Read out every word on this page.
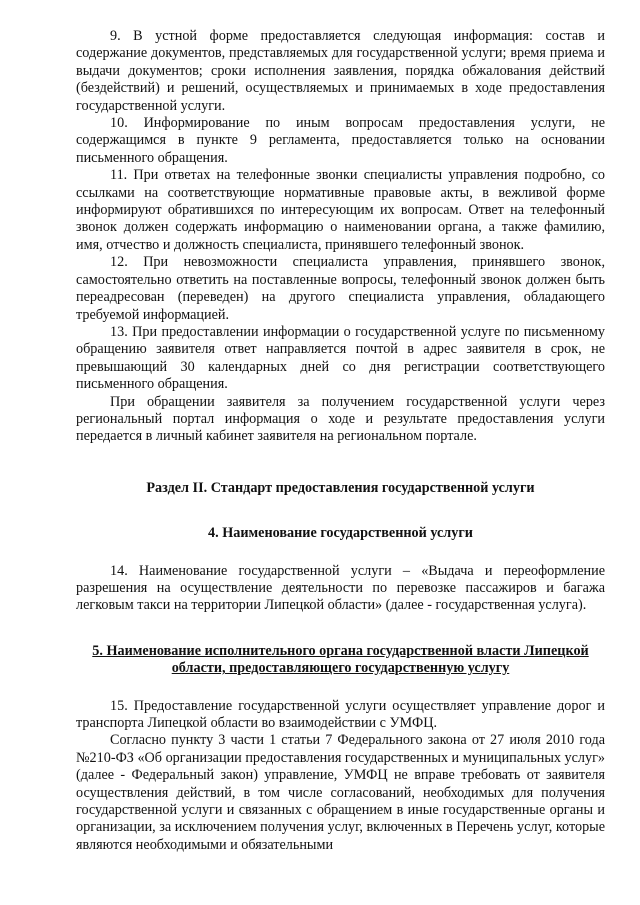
9. В устной форме предоставляется следующая информация: состав и содержание документов, представляемых для государственной услуги; время приема и выдачи документов; сроки исполнения заявления, порядка обжалования действий (бездействий) и решений, осуществляемых и принимаемых в ходе предоставления государственной услуги.

10. Информирование по иным вопросам предоставления услуги, не содержащимся в пункте 9 регламента, предоставляется только на основании письменного обращения.

11. При ответах на телефонные звонки специалисты управления подробно, со ссылками на соответствующие нормативные правовые акты, в вежливой форме информируют обратившихся по интересующим их вопросам. Ответ на телефонный звонок должен содержать информацию о наименовании органа, а также фамилию, имя, отчество и должность специалиста, принявшего телефонный звонок.

12. При невозможности специалиста управления, принявшего звонок, самостоятельно ответить на поставленные вопросы, телефонный звонок должен быть переадресован (переведен) на другого специалиста управления, обладающего требуемой информацией.

13. При предоставлении информации о государственной услуге по письменному обращению заявителя ответ направляется почтой в адрес заявителя в срок, не превышающий 30 календарных дней со дня регистрации соответствующего письменного обращения.

При обращении заявителя за получением государственной услуги через региональный портал информация о ходе и результате предоставления услуги передается в личный кабинет заявителя на региональном портале.

Раздел II. Стандарт предоставления государственной услуги

4. Наименование государственной услуги

14. Наименование государственной услуги – «Выдача и переоформление разрешения на осуществление деятельности по перевозке пассажиров и багажа легковым такси на территории Липецкой области» (далее - государственная услуга).

5. Наименование исполнительного органа государственной власти Липецкой области, предоставляющего государственную услугу

15. Предоставление государственной услуги осуществляет управление дорог и транспорта Липецкой области во взаимодействии с УМФЦ.

Согласно пункту 3 части 1 статьи 7 Федерального закона от 27 июля 2010 года №210-ФЗ «Об организации предоставления государственных и муниципальных услуг» (далее - Федеральный закон) управление, УМФЦ не вправе требовать от заявителя осуществления действий, в том числе согласований, необходимых для получения государственной услуги и связанных с обращением в иные государственные органы и организации, за исключением получения услуг, включенных в Перечень услуг, которые являются необходимыми и обязательными
